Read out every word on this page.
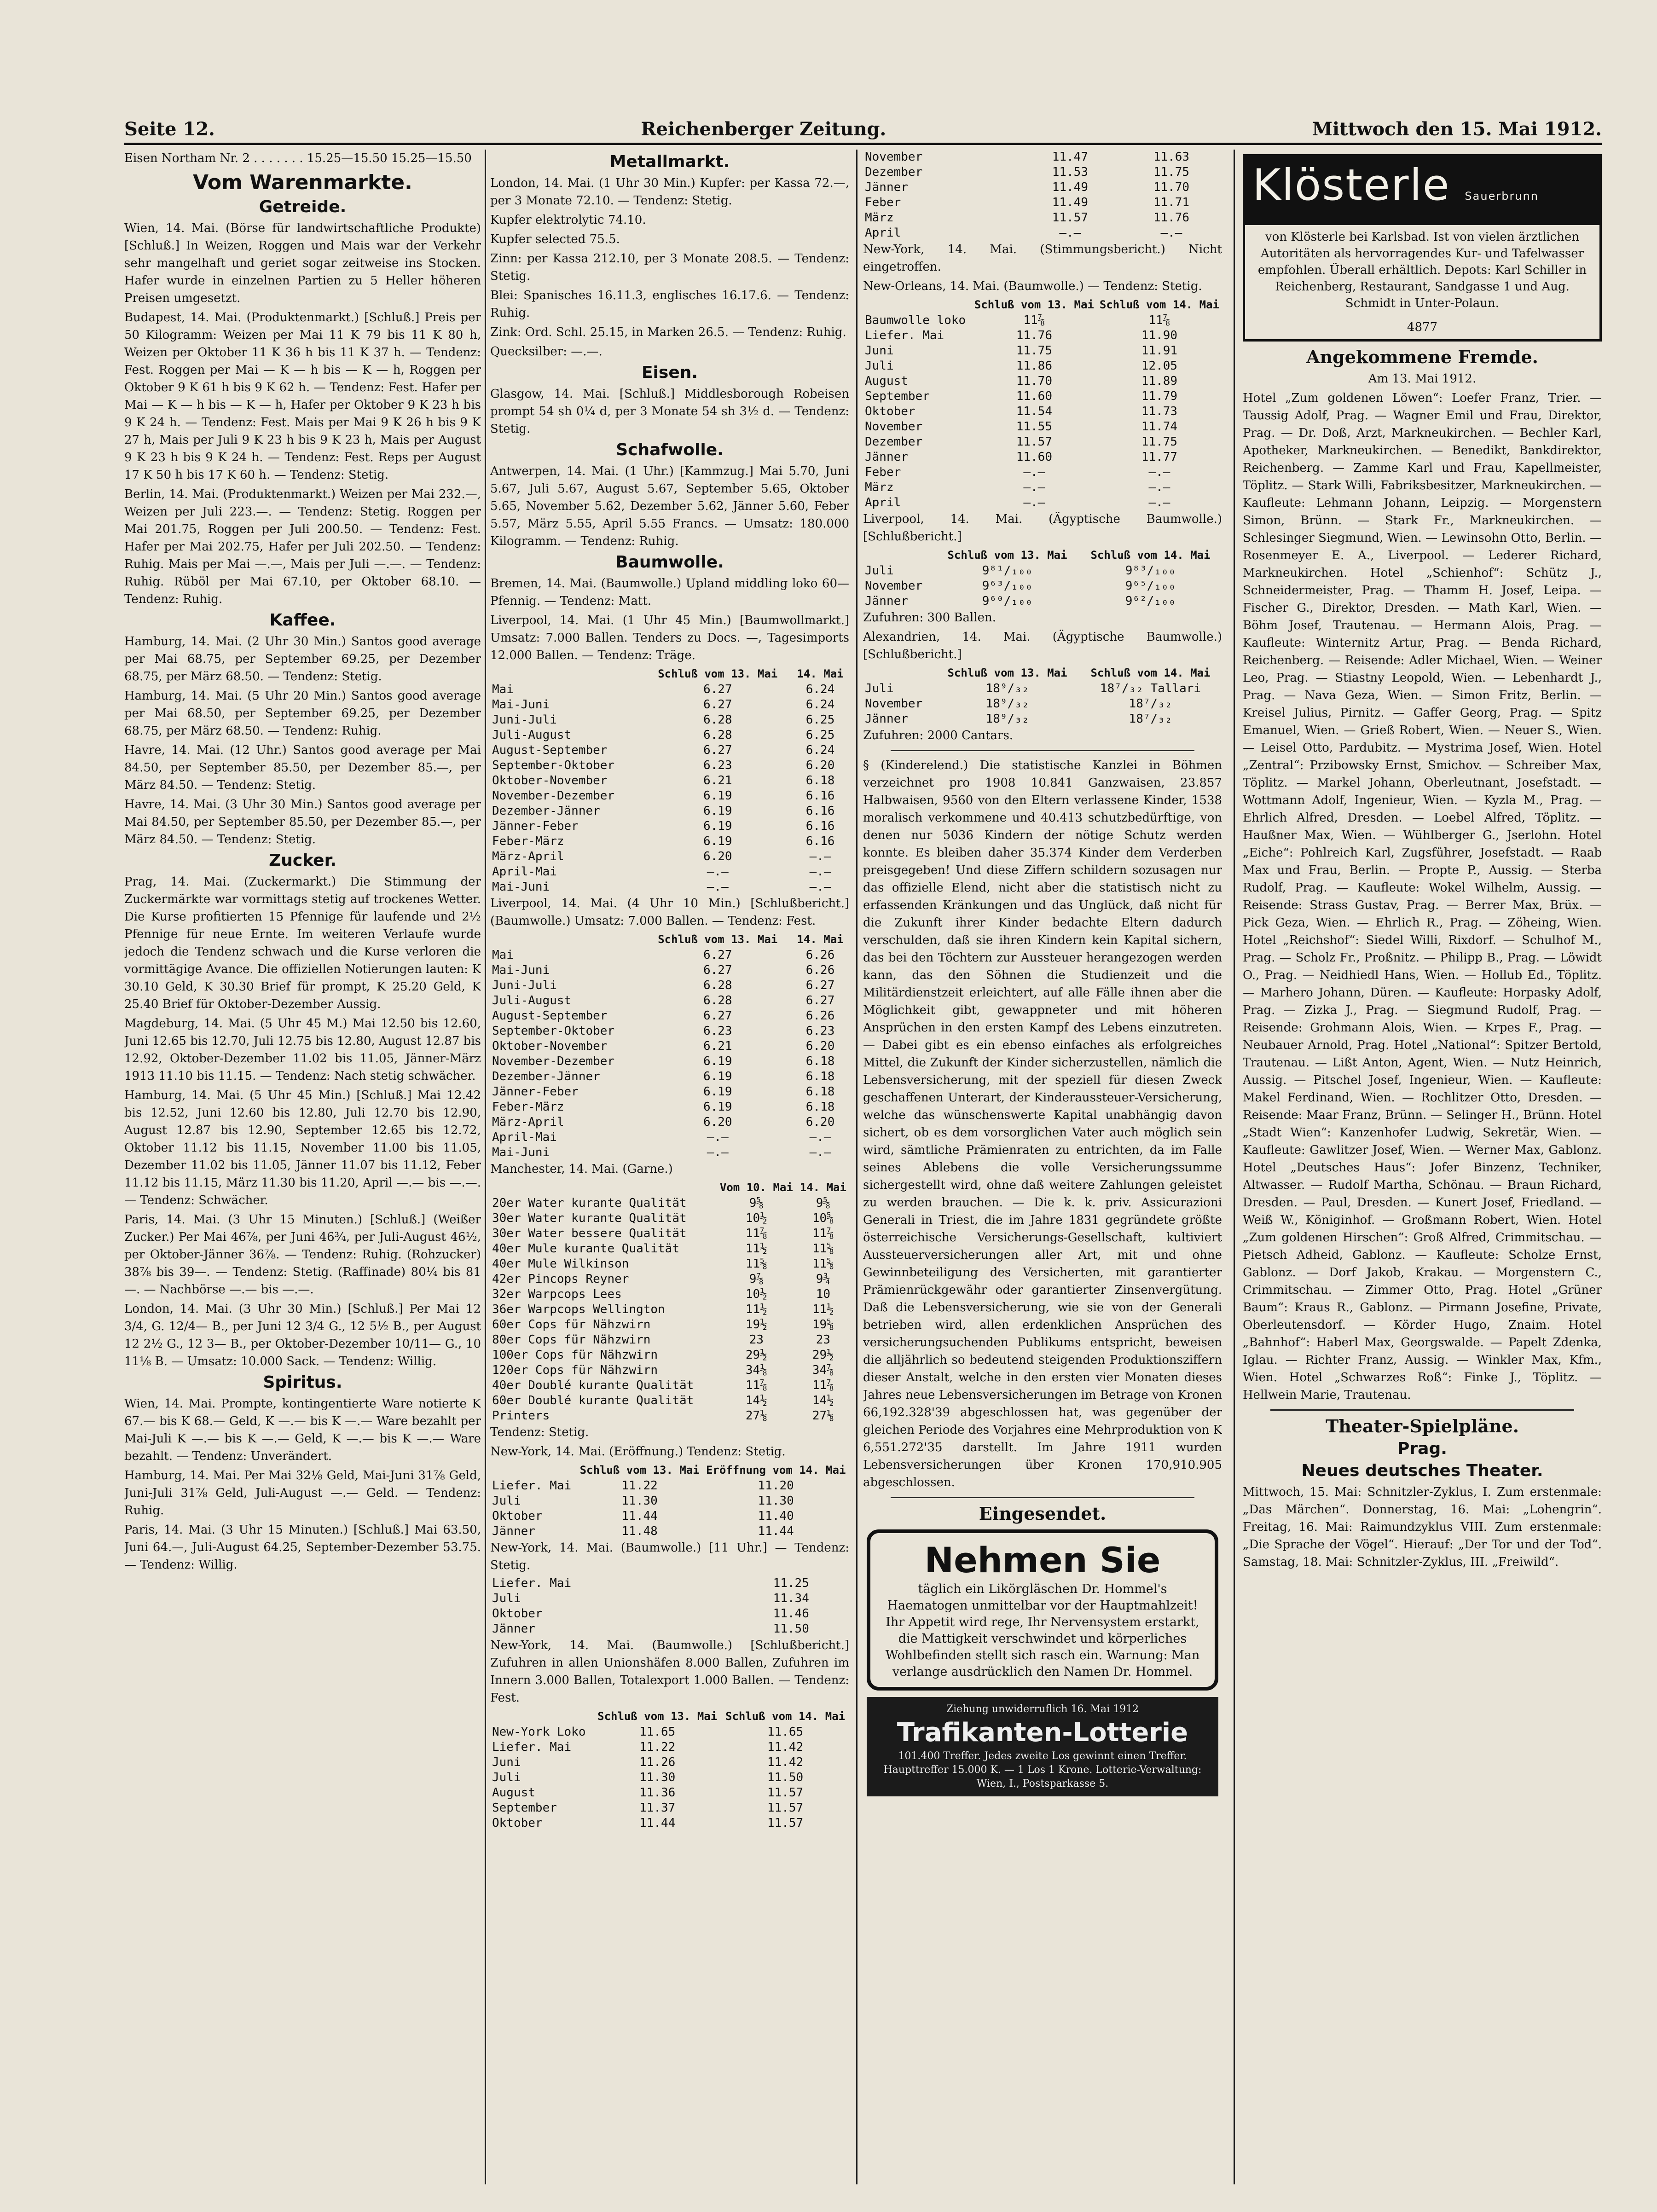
Seite 12.	Reichenberger Zeitung.	Mittwoch den 15. Mai 1912.

Eisen Northam Nr. 2 . . . . . . . 15.25—15.50 15.25—15.50

Vom Warenmarkte.
Getreide.

Wien, 14. Mai. (Börse für landwirtschaftliche Produkte) [Schluß.] In Weizen, Roggen und Mais war der Verkehr sehr mangelhaft und geriet sogar zeitweise ins Stocken. Hafer wurde in einzelnen Partien zu 5 Heller höheren Preisen umgesetzt.

Budapest, 14. Mai. (Produktenmarkt.) [Schluß.] Preis per 50 Kilogramm: Weizen per Mai 11 K 79 bis 11 K 80 h, Weizen per Oktober 11 K 36 h bis 11 K 37 h. — Tendenz: Fest. Roggen per Mai — K — h bis — K — h, Roggen per Oktober 9 K 61 h bis 9 K 62 h. — Tendenz: Fest. Hafer per Mai — K — h bis — K — h, Hafer per Oktober 9 K 23 h bis 9 K 24 h. — Tendenz: Fest. Mais per Mai 9 K 26 h bis 9 K 27 h, Mais per Juli 9 K 23 h bis 9 K 23 h, Mais per August 9 K 23 h bis 9 K 24 h. — Tendenz: Fest. Reps per August 17 K 50 h bis 17 K 60 h. — Tendenz: Stetig.

Berlin, 14. Mai. (Produktenmarkt.) Weizen per Mai 232.—, Weizen per Juli 223.—. — Tendenz: Stetig. Roggen per Mai 201.75, Roggen per Juli 200.50. — Tendenz: Fest. Hafer per Mai 202.75, Hafer per Juli 202.50. — Tendenz: Ruhig. Mais per Mai —.—, Mais per Juli —.—. — Tendenz: Ruhig. Rüböl per Mai 67.10, per Oktober 68.10. — Tendenz: Ruhig.

Kaffee.

Hamburg, 14. Mai. (2 Uhr 30 Min.) Santos good average per Mai 68.75, per September 69.25, per Dezember 68.75, per März 68.50. — Tendenz: Stetig.

Hamburg, 14. Mai. (5 Uhr 20 Min.) Santos good average per Mai 68.50, per September 69.25, per Dezember 68.75, per März 68.50. — Tendenz: Ruhig.

Havre, 14. Mai. (12 Uhr.) Santos good average per Mai 84.50, per September 85.50, per Dezember 85.—, per März 84.50. — Tendenz: Stetig.

Havre, 14. Mai. (3 Uhr 30 Min.) Santos good average per Mai 84.50, per September 85.50, per Dezember 85.—, per März 84.50. — Tendenz: Stetig.

Zucker.

Prag, 14. Mai. (Zuckermarkt.) Die Stimmung der Zuckermärkte war vormittags stetig auf trockenes Wetter. Die Kurse profitierten 15 Pfennige für laufende und 2½ Pfennige für neue Ernte. Im weiteren Verlaufe wurde jedoch die Tendenz schwach und die Kurse verloren die vormittägige Avance. Die offiziellen Notierungen lauten: K 30.10 Geld, K 30.30 Brief für prompt, K 25.20 Geld, K 25.40 Brief für Oktober-Dezember Aussig.

Magdeburg, 14. Mai. (5 Uhr 45 M.) Mai 12.50 bis 12.60, Juni 12.65 bis 12.70, Juli 12.75 bis 12.80, August 12.87 bis 12.92, Oktober-Dezember 11.02 bis 11.05, Jänner-März 1913 11.10 bis 11.15. — Tendenz: Nach stetig schwächer.

Hamburg, 14. Mai. (5 Uhr 45 Min.) [Schluß.] Mai 12.42 bis 12.52, Juni 12.60 bis 12.80, Juli 12.70 bis 12.90, August 12.87 bis 12.90, September 12.65 bis 12.72, Oktober 11.12 bis 11.15, November 11.00 bis 11.05, Dezember 11.02 bis 11.05, Jänner 11.07 bis 11.12, Feber 11.12 bis 11.15, März 11.30 bis 11.20, April —.— bis —.—. — Tendenz: Schwächer.

Paris, 14. Mai. (3 Uhr 15 Minuten.) [Schluß.] (Weißer Zucker.) Per Mai 46⅞, per Juni 46¾, per Juli-August 46½, per Oktober-Jänner 36⅞. — Tendenz: Ruhig. (Rohzucker) 38⅞ bis 39—. — Tendenz: Stetig. (Raffinade) 80¼ bis 81—. — Nachbörse —.— bis —.—.

London, 14. Mai. (3 Uhr 30 Min.) [Schluß.] Per Mai 12 3/4, G. 12/4— B., per Juni 12 3/4 G., 12 5½ B., per August 12 2½ G., 12 3— B., per Oktober-Dezember 10/11— G., 10 11⅛ B. — Umsatz: 10.000 Sack. — Tendenz: Willig.

Spiritus.

Wien, 14. Mai. Prompte, kontingentierte Ware notierte K 67.— bis K 68.— Geld, K —.— bis K —.— Ware bezahlt per Mai-Juli K —.— bis K —.— Geld, K —.— bis K —.— Ware bezahlt. — Tendenz: Unverändert.

Hamburg, 14. Mai. Per Mai 32⅛ Geld, Mai-Juni 31⅞ Geld, Juni-Juli 31⅞ Geld, Juli-August —.— Geld. — Tendenz: Ruhig.

Paris, 14. Mai. (3 Uhr 15 Minuten.) [Schluß.] Mai 63.50, Juni 64.—, Juli-August 64.25, September-Dezember 53.75. — Tendenz: Willig.

Metallmarkt.

London, 14. Mai. (1 Uhr 30 Min.) Kupfer: per Kassa 72.—, per 3 Monate 72.10. — Tendenz: Stetig.

Kupfer elektrolytic 74.10.

Kupfer selected 75.5.

Zinn: per Kassa 212.10, per 3 Monate 208.5. — Tendenz: Stetig.

Blei: Spanisches 16.11.3, englisches 16.17.6. — Tendenz: Ruhig.

Zink: Ord. Schl. 25.15, in Marken 26.5. — Tendenz: Ruhig.

Quecksilber: —.—.

Eisen.

Glasgow, 14. Mai. [Schluß.] Middlesborough Robeisen prompt 54 sh 0¼ d, per 3 Monate 54 sh 3½ d. — Tendenz: Stetig.

Schafwolle.

Antwerpen, 14. Mai. (1 Uhr.) [Kammzug.] Mai 5.70, Juni 5.67, Juli 5.67, August 5.67, September 5.65, Oktober 5.65, November 5.62, Dezember 5.62, Jänner 5.60, Feber 5.57, März 5.55, April 5.55 Francs. — Umsatz: 180.000 Kilogramm. — Tendenz: Ruhig.

Baumwolle.

Bremen, 14. Mai. (Baumwolle.) Upland middling loko 60— Pfennig. — Tendenz: Matt.

Liverpool, 14. Mai. (1 Uhr 45 Min.) [Baumwollmarkt.] Umsatz: 7.000 Ballen. Tenders zu Docs. —, Tagesimports 12.000 Ballen. — Tendenz: Träge.

	Schluß vom 13. Mai	14. Mai
Mai	6.27	6.24
Mai-Juni	6.27	6.24
Juni-Juli	6.28	6.25
Juli-August	6.28	6.25
August-September	6.27	6.24
September-Oktober	6.23	6.20
Oktober-November	6.21	6.18
November-Dezember	6.19	6.16
Dezember-Jänner	6.19	6.16
Jänner-Feber	6.19	6.16
Feber-März	6.19	6.16
März-April	6.20	—.—
April-Mai	—.—	—.—
Mai-Juni	—.—	—.—

Liverpool, 14. Mai. (4 Uhr 10 Min.) [Schlußbericht.] (Baumwolle.) Umsatz: 7.000 Ballen. — Tendenz: Fest.

	Schluß vom 13. Mai	14. Mai
Mai	6.27	6.26
Mai-Juni	6.27	6.26
Juni-Juli	6.28	6.27
Juli-August	6.28	6.27
August-September	6.27	6.26
September-Oktober	6.23	6.23
Oktober-November	6.21	6.20
November-Dezember	6.19	6.18
Dezember-Jänner	6.19	6.18
Jänner-Feber	6.19	6.18
Feber-März	6.19	6.18
März-April	6.20	6.20
April-Mai	—.—	—.—
Mai-Juni	—.—	—.—

Manchester, 14. Mai. (Garne.)

	Vom 10. Mai	14. Mai
20er Water kurante Qualität	9⅝	9⅝
30er Water kurante Qualität	10½	10⅝
30er Water bessere Qualität	11⅞	11⅞
40er Mule kurante Qualität	11½	11⅝
40er Mule Wilkinson	11⅝	11⅝
42er Pincops Reyner	9⅞	9¾
32er Warpcops Lees	10½	10
36er Warpcops Wellington	11½	11½
60er Cops für Nähzwirn	19½	19⅝
80er Cops für Nähzwirn	23	23
100er Cops für Nähzwirn	29½	29½
120er Cops für Nähzwirn	34⅛	34⅞
40er Doublé kurante Qualität	11⅞	11⅞
60er Doublé kurante Qualität	14½	14½
Printers	27⅛	27⅛

Tendenz: Stetig.

New-York, 14. Mai. (Eröffnung.) Tendenz: Stetig.

	Schluß vom 13. Mai	Eröffnung vom 14. Mai
Liefer. Mai	11.22	11.20
Juli	11.30	11.30
Oktober	11.44	11.40
Jänner	11.48	11.44

New-York, 14. Mai. (Baumwolle.) [11 Uhr.] — Tendenz: Stetig.

Liefer. Mai	11.25
Juli	11.34
Oktober	11.46
Jänner	11.50

New-York, 14. Mai. (Baumwolle.) [Schlußbericht.] Zufuhren in allen Unionshäfen 8.000 Ballen, Zufuhren im Innern 3.000 Ballen, Totalexport 1.000 Ballen. — Tendenz: Fest.

	Schluß vom 13. Mai	Schluß vom 14. Mai
New-York Loko	11.65	11.65
Liefer. Mai	11.22	11.42
Juni	11.26	11.42
Juli	11.30	11.50
August	11.36	11.57
September	11.37	11.57
Oktober	11.44	11.57
November	11.47	11.63
Dezember	11.53	11.75
Jänner	11.49	11.70
Feber	11.49	11.71
März	11.57	11.76
April	—.—	—.—

New-York, 14. Mai. (Stimmungsbericht.) Nicht eingetroffen.

New-Orleans, 14. Mai. (Baumwolle.) — Tendenz: Stetig.

	Schluß vom 13. Mai	Schluß vom 14. Mai
Baumwolle loko	11⅞	11⅞
Liefer. Mai	11.76	11.90
Juni	11.75	11.91
Juli	11.86	12.05
August	11.70	11.89
September	11.60	11.79
Oktober	11.54	11.73
November	11.55	11.74
Dezember	11.57	11.75
Jänner	11.60	11.77
Feber	—.—	—.—
März	—.—	—.—
April	—.—	—.—

Liverpool, 14. Mai. (Ägyptische Baumwolle.) [Schlußbericht.]

	Schluß vom 13. Mai	Schluß vom 14. Mai
Juli	9⁸¹/₁₀₀	9⁸³/₁₀₀
November	9⁶³/₁₀₀	9⁶⁵/₁₀₀
Jänner	9⁶⁰/₁₀₀	9⁶²/₁₀₀

Zufuhren: 300 Ballen.

Alexandrien, 14. Mai. (Ägyptische Baumwolle.) [Schlußbericht.]

	Schluß vom 13. Mai	Schluß vom 14. Mai
Juli	18⁹/₃₂	18⁷/₃₂ Tallari
November	18⁹/₃₂	18⁷/₃₂
Jänner	18⁹/₃₂	18⁷/₃₂

Zufuhren: 2000 Cantars.

§ (Kinderelend.) Die statistische Kanzlei in Böhmen verzeichnet pro 1908 10.841 Ganzwaisen, 23.857 Halbwaisen, 9560 von den Eltern verlassene Kinder, 1538 moralisch verkommene und 40.413 schutzbedürftige, von denen nur 5036 Kindern der nötige Schutz werden konnte. Es bleiben daher 35.374 Kinder dem Verderben preisgegeben! Und diese Ziffern schildern sozusagen nur das offizielle Elend, nicht aber die statistisch nicht zu erfassenden Kränkungen und das Unglück, daß nicht für die Zukunft ihrer Kinder bedachte Eltern dadurch verschulden, daß sie ihren Kindern kein Kapital sichern, das bei den Töchtern zur Aussteuer herangezogen werden kann, das den Söhnen die Studienzeit und die Militärdienstzeit erleichtert, auf alle Fälle ihnen aber die Möglichkeit gibt, gewappneter und mit höheren Ansprüchen in den ersten Kampf des Lebens einzutreten. — Dabei gibt es ein ebenso einfaches als erfolgreiches Mittel, die Zukunft der Kinder sicherzustellen, nämlich die Lebensversicherung, mit der speziell für diesen Zweck geschaffenen Unterart, der Kinderaussteuer-Versicherung, welche das wünschenswerte Kapital unabhängig davon sichert, ob es dem vorsorglichen Vater auch möglich sein wird, sämtliche Prämienraten zu entrichten, da im Falle seines Ablebens die volle Versicherungssumme sichergestellt wird, ohne daß weitere Zahlungen geleistet zu werden brauchen. — Die k. k. priv. Assicurazioni Generali in Triest, die im Jahre 1831 gegründete größte österreichische Versicherungs-Gesellschaft, kultiviert Aussteuerversicherungen aller Art, mit und ohne Gewinnbeteiligung des Versicherten, mit garantierter Prämienrückgewähr oder garantierter Zinsenvergütung. Daß die Lebensversicherung, wie sie von der Generali betrieben wird, allen erdenklichen Ansprüchen des versicherungsuchenden Publikums entspricht, beweisen die alljährlich so bedeutend steigenden Produktionsziffern dieser Anstalt, welche in den ersten vier Monaten dieses Jahres neue Lebensversicherungen im Betrage von Kronen 66,192.328'39 abgeschlossen hat, was gegenüber der gleichen Periode des Vorjahres eine Mehrproduktion von K 6,551.272'35 darstellt. Im Jahre 1911 wurden Lebensversicherungen über Kronen 170,910.905 abgeschlossen.

Eingesendet.
Nehmen Sie
täglich ein Likörgläschen Dr. Hommel's Haematogen unmittelbar vor der Hauptmahlzeit! Ihr Appetit wird rege, Ihr Nervensystem erstarkt, die Mattigkeit verschwindet und körperliches Wohlbefinden stellt sich rasch ein. Warnung: Man verlange ausdrücklich den Namen Dr. Hommel.
Ziehung unwiderruflich 16. Mai 1912
Trafikanten-Lotterie
101.400 Treffer. Jedes zweite Los gewinnt einen Treffer. Haupttreffer 15.000 K. — 1 Los 1 Krone. Lotterie-Verwaltung: Wien, I., Postsparkasse 5.
Klösterle Sauerbrunn
von Klösterle bei Karlsbad. Ist von vielen ärztlichen Autoritäten als hervorragendes Kur- und Tafelwasser empfohlen. Überall erhältlich. Depots: Karl Schiller in Reichenberg, Restaurant, Sandgasse 1 und Aug. Schmidt in Unter-Polaun.
4877
Angekommene Fremde.

Am 13. Mai 1912.

Hotel „Zum goldenen Löwen“: Loefer Franz, Trier. — Taussig Adolf, Prag. — Wagner Emil und Frau, Direktor, Prag. — Dr. Doß, Arzt, Markneukirchen. — Bechler Karl, Apotheker, Markneukirchen. — Benedikt, Bankdirektor, Reichenberg. — Zamme Karl und Frau, Kapellmeister, Töplitz. — Stark Willi, Fabriksbesitzer, Markneukirchen. — Kaufleute: Lehmann Johann, Leipzig. — Morgenstern Simon, Brünn. — Stark Fr., Markneukirchen. — Schlesinger Siegmund, Wien. — Lewinsohn Otto, Berlin. — Rosenmeyer E. A., Liverpool. — Lederer Richard, Markneukirchen. Hotel „Schienhof“: Schütz J., Schneidermeister, Prag. — Thamm H. Josef, Leipa. — Fischer G., Direktor, Dresden. — Math Karl, Wien. — Böhm Josef, Trautenau. — Hermann Alois, Prag. — Kaufleute: Winternitz Artur, Prag. — Benda Richard, Reichenberg. — Reisende: Adler Michael, Wien. — Weiner Leo, Prag. — Stiastny Leopold, Wien. — Lebenhardt J., Prag. — Nava Geza, Wien. — Simon Fritz, Berlin. — Kreisel Julius, Pirnitz. — Gaffer Georg, Prag. — Spitz Emanuel, Wien. — Grieß Robert, Wien. — Neuer S., Wien. — Leisel Otto, Pardubitz. — Mystrima Josef, Wien. Hotel „Zentral“: Przibowsky Ernst, Smichov. — Schreiber Max, Töplitz. — Markel Johann, Oberleutnant, Josefstadt. — Wottmann Adolf, Ingenieur, Wien. — Kyzla M., Prag. — Ehrlich Alfred, Dresden. — Loebel Alfred, Töplitz. — Haußner Max, Wien. — Wühlberger G., Jserlohn. Hotel „Eiche“: Pohlreich Karl, Zugsführer, Josefstadt. — Raab Max und Frau, Berlin. — Propte P., Aussig. — Sterba Rudolf, Prag. — Kaufleute: Wokel Wilhelm, Aussig. — Reisende: Strass Gustav, Prag. — Berrer Max, Brüx. — Pick Geza, Wien. — Ehrlich R., Prag. — Zöheing, Wien. Hotel „Reichshof“: Siedel Willi, Rixdorf. — Schulhof M., Prag. — Scholz Fr., Proßnitz. — Philipp B., Prag. — Löwidt O., Prag. — Neidhiedl Hans, Wien. — Hollub Ed., Töplitz. — Marhero Johann, Düren. — Kaufleute: Horpasky Adolf, Prag. — Zizka J., Prag. — Siegmund Rudolf, Prag. — Reisende: Grohmann Alois, Wien. — Krpes F., Prag. — Neubauer Arnold, Prag. Hotel „National“: Spitzer Bertold, Trautenau. — Lißt Anton, Agent, Wien. — Nutz Heinrich, Aussig. — Pitschel Josef, Ingenieur, Wien. — Kaufleute: Makel Ferdinand, Wien. — Rochlitzer Otto, Dresden. — Reisende: Maar Franz, Brünn. — Selinger H., Brünn. Hotel „Stadt Wien“: Kanzenhofer Ludwig, Sekretär, Wien. — Kaufleute: Gawlitzer Josef, Wien. — Werner Max, Gablonz. Hotel „Deutsches Haus“: Jofer Binzenz, Techniker, Altwasser. — Rudolf Martha, Schönau. — Braun Richard, Dresden. — Paul, Dresden. — Kunert Josef, Friedland. — Weiß W., Königinhof. — Großmann Robert, Wien. Hotel „Zum goldenen Hirschen“: Groß Alfred, Crimmitschau. — Pietsch Adheid, Gablonz. — Kaufleute: Scholze Ernst, Gablonz. — Dorf Jakob, Krakau. — Morgenstern C., Crimmitschau. — Zimmer Otto, Prag. Hotel „Grüner Baum“: Kraus R., Gablonz. — Pirmann Josefine, Private, Oberleutensdorf. — Körder Hugo, Znaim. Hotel „Bahnhof“: Haberl Max, Georgswalde. — Papelt Zdenka, Iglau. — Richter Franz, Aussig. — Winkler Max, Kfm., Wien. Hotel „Schwarzes Roß“: Finke J., Töplitz. — Hellwein Marie, Trautenau.

Theater-Spielpläne.
Prag.
Neues deutsches Theater.

Mittwoch, 15. Mai: Schnitzler-Zyklus, I. Zum erstenmale: „Das Märchen“. Donnerstag, 16. Mai: „Lohengrin“. Freitag, 16. Mai: Raimundzyklus VIII. Zum erstenmale: „Die Sprache der Vögel“. Hierauf: „Der Tor und der Tod“. Samstag, 18. Mai: Schnitzler-Zyklus, III. „Freiwild“.
